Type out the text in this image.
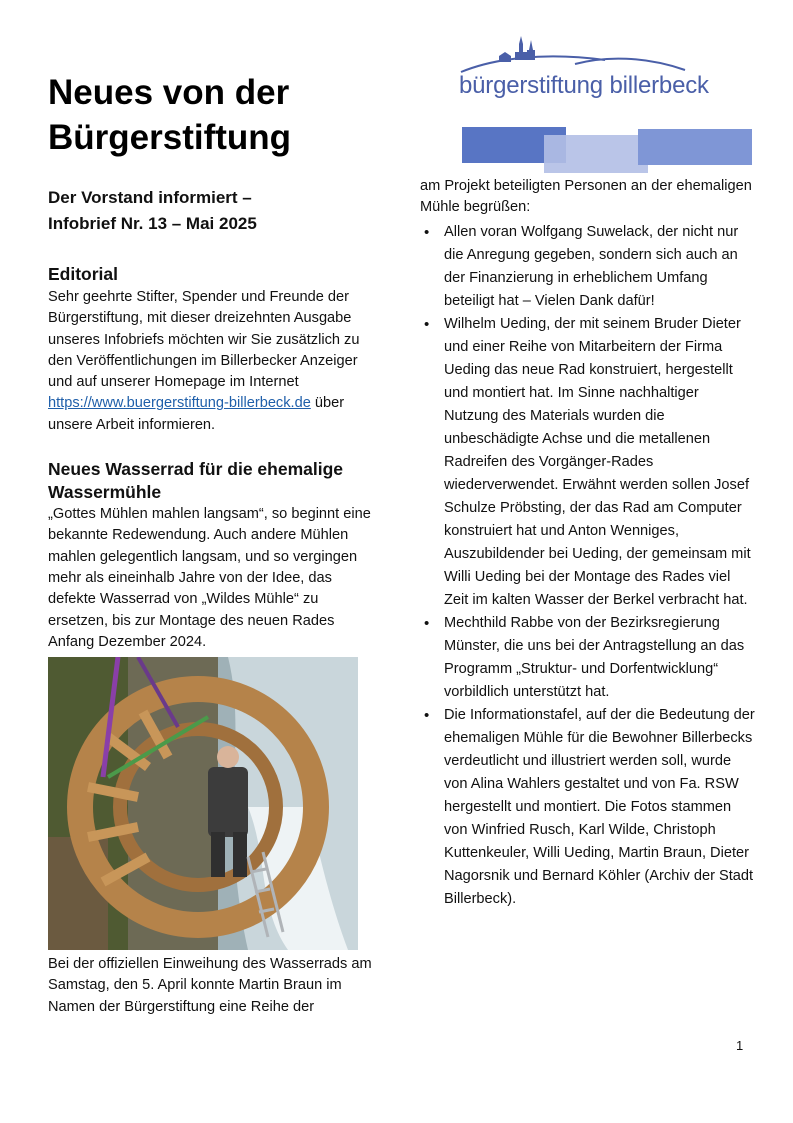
Neues von der
Bürgerstiftung
bürgerstiftung billerbeck

Der Vorstand informiert –
Infobrief Nr. 13 – Mai 2025

Editorial

Sehr geehrte Stifter, Spender und Freunde der Bürgerstiftung, mit dieser dreizehnten Ausgabe unseres Infobriefs möchten wir Sie zusätzlich zu den Veröffentlichungen im Billerbecker Anzeiger und auf unserer Homepage im Internet https://www.buergerstiftung-billerbeck.de über unsere Arbeit informieren.

Neues Wasserrad für die ehemalige
Wassermühle

„Gottes Mühlen mahlen langsam“, so beginnt eine bekannte Redewendung. Auch andere Mühlen mahlen gelegentlich langsam, und so vergingen mehr als eineinhalb Jahre von der Idee, das defekte Wasserrad von „Wildes Mühle“ zu ersetzen, bis zur Montage des neuen Rades Anfang Dezember 2024.

Bei der offiziellen Einweihung des Wasserrads am Samstag, den 5. April konnte Martin Braun im Namen der Bürgerstiftung eine Reihe der

am Projekt beteiligten Personen an der ehemaligen Mühle begrüßen:

• Allen voran Wolfgang Suwelack, der nicht nur die Anregung gegeben, sondern sich auch an der Finanzierung in erheblichem Umfang beteiligt hat – Vielen Dank dafür!
• Wilhelm Ueding, der mit seinem Bruder Dieter und einer Reihe von Mitarbeitern der Firma Ueding das neue Rad konstruiert, hergestellt und montiert hat. Im Sinne nachhaltiger Nutzung des Materials wurden die unbeschädigte Achse und die metallenen Radreifen des Vorgänger-Rades wiederverwendet. Erwähnt werden sollen Josef Schulze Pröbsting, der das Rad am Computer konstruiert hat und Anton Wenniges, Auszubildender bei Ueding, der gemeinsam mit Willi Ueding bei der Montage des Rades viel Zeit im kalten Wasser der Berkel verbracht hat.
• Mechthild Rabbe von der Bezirksregierung Münster, die uns bei der Antragstellung an das Programm „Struktur- und Dorfentwicklung“ vorbildlich unterstützt hat.
• Die Informationstafel, auf der die Bedeutung der ehemaligen Mühle für die Bewohner Billerbecks verdeutlicht und illustriert werden soll, wurde von Alina Wahlers gestaltet und von Fa. RSW hergestellt und montiert. Die Fotos stammen von Winfried Rusch, Karl Wilde, Christoph Kuttenkeuler, Willi Ueding, Martin Braun, Dieter Nagorsnik und Bernard Köhler (Archiv der Stadt Billerbeck).
1
